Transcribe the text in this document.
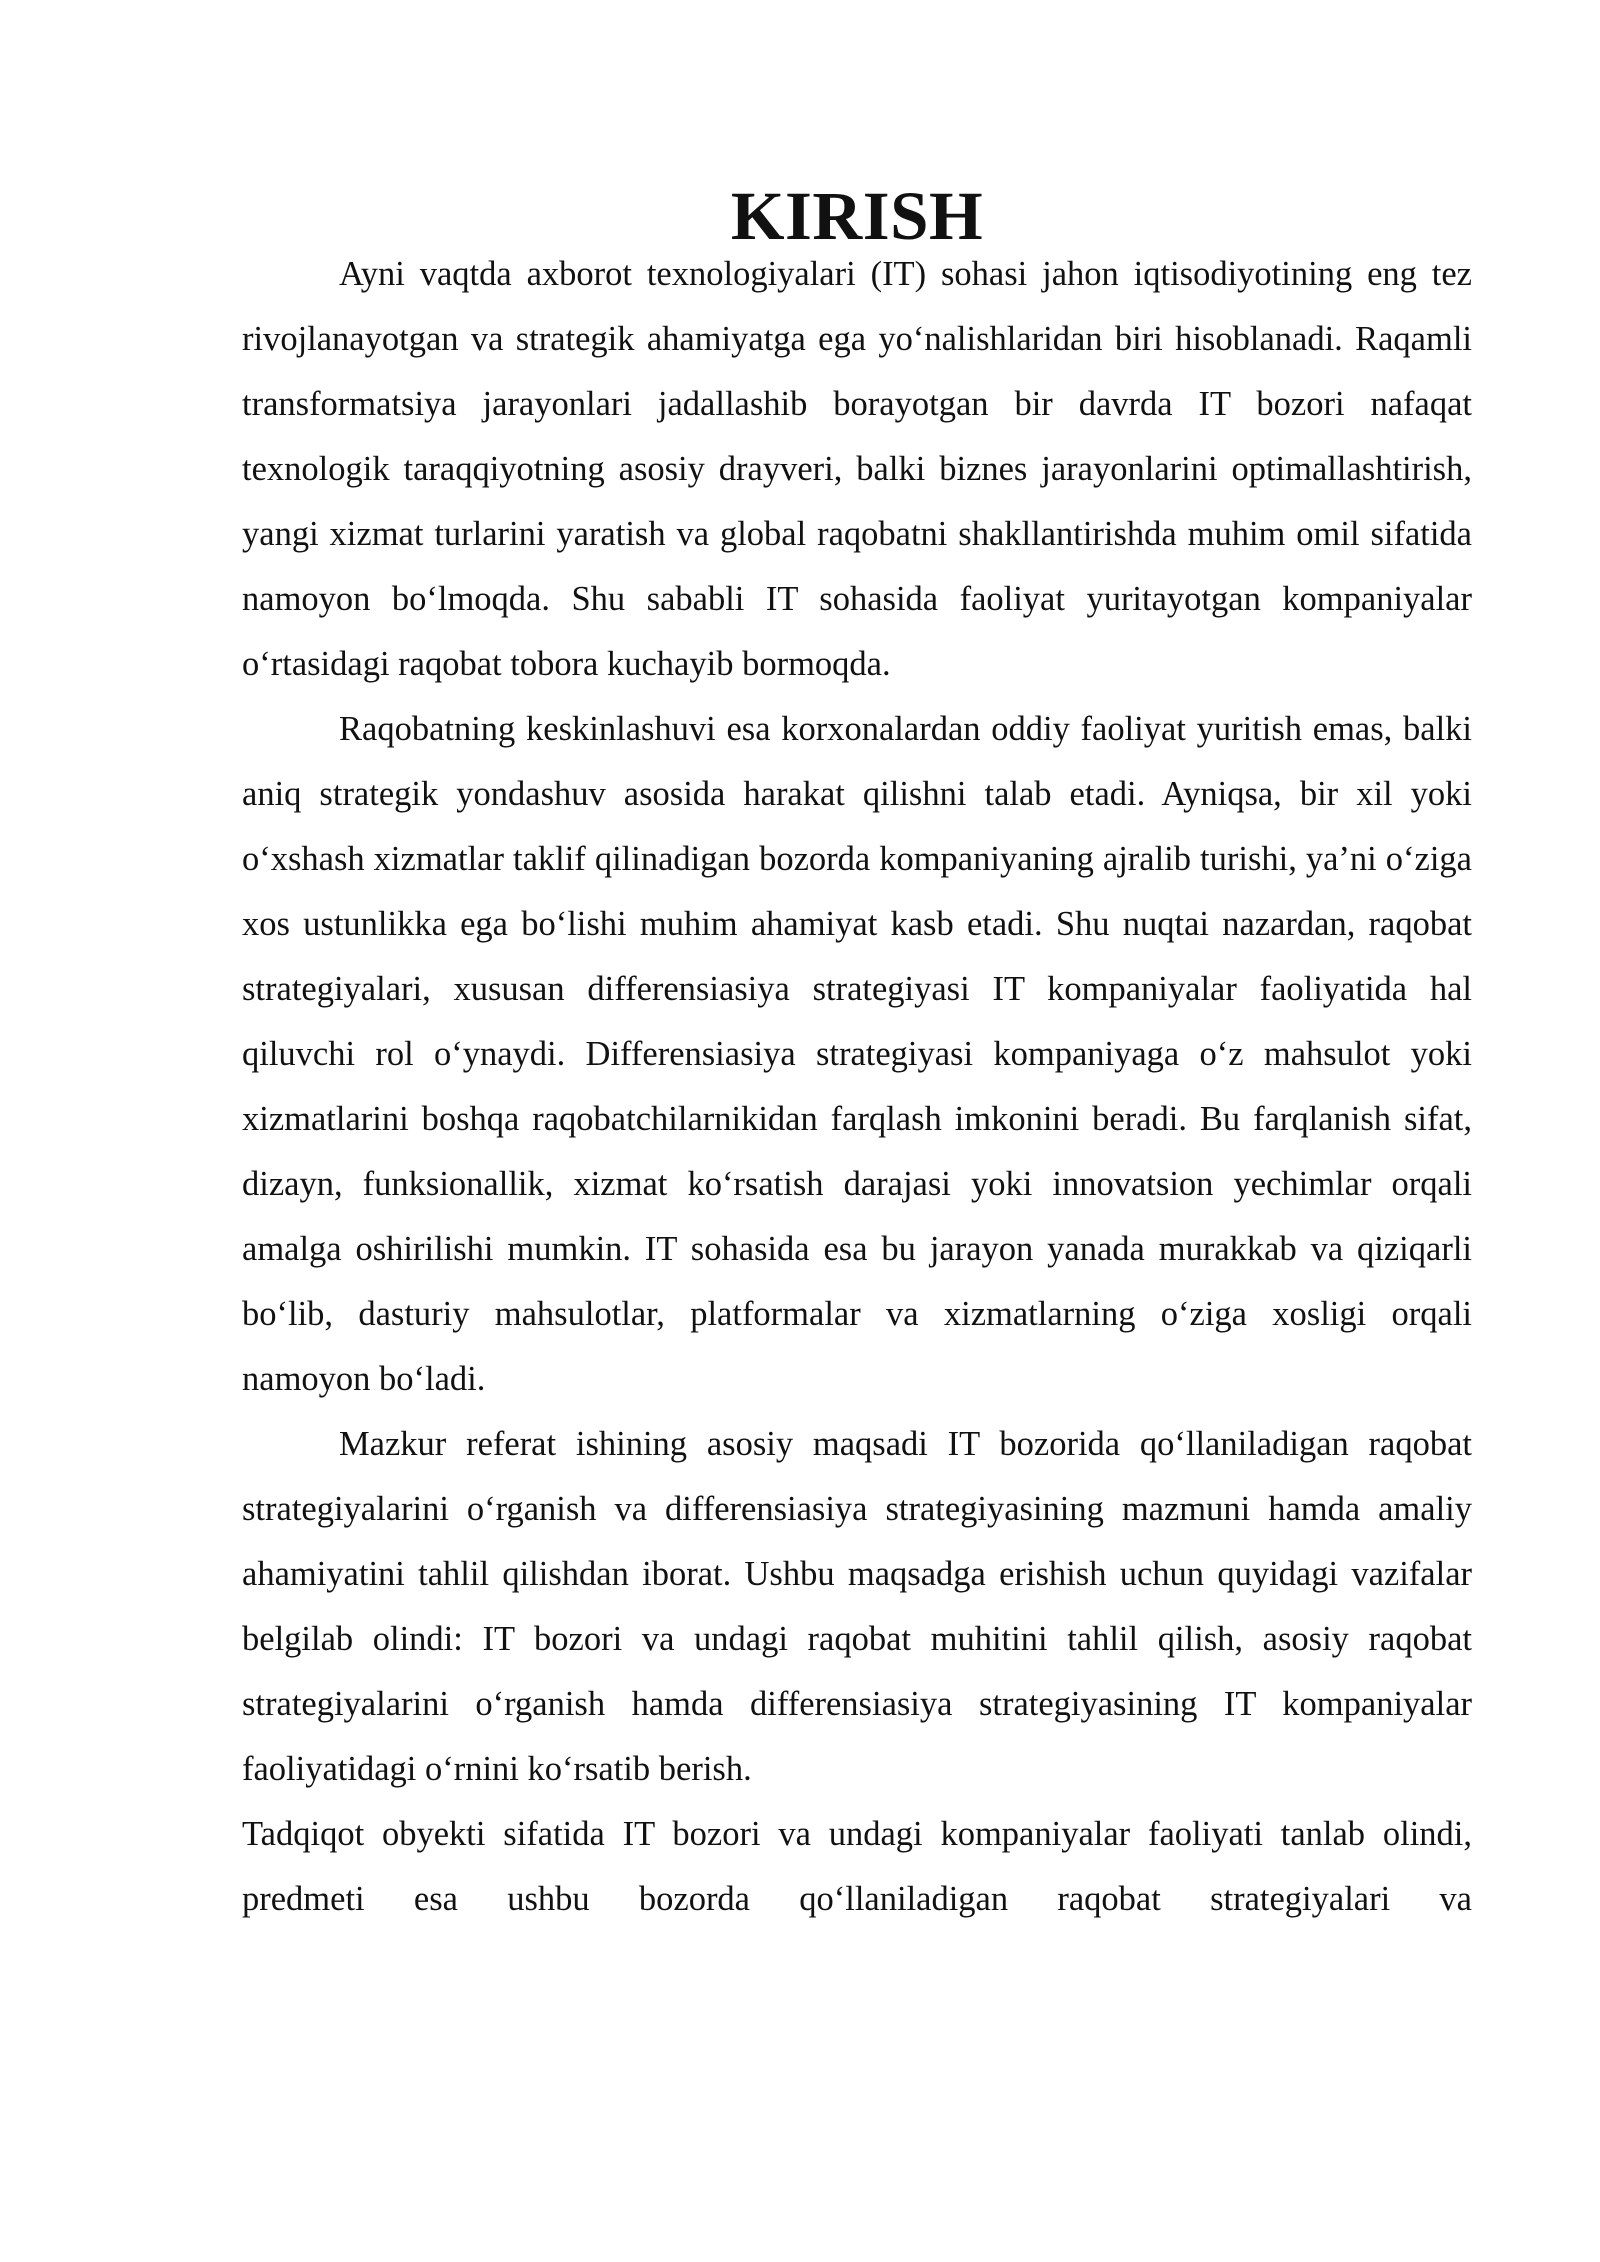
KIRISH

Ayni vaqtda axborot texnologiyalari (IT) sohasi jahon iqtisodiyotining eng tez rivojlanayotgan va strategik ahamiyatga ega yo‘nalishlaridan biri hisoblanadi. Raqamli transformatsiya jarayonlari jadallashib borayotgan bir davrda IT bozori nafaqat texnologik taraqqiyotning asosiy drayveri, balki biznes jarayonlarini optimallashtirish, yangi xizmat turlarini yaratish va global raqobatni shakllantirishda muhim omil sifatida namoyon bo‘lmoqda. Shu sababli IT sohasida faoliyat yuritayotgan kompaniyalar o‘rtasidagi raqobat tobora kuchayib bormoqda.

Raqobatning keskinlashuvi esa korxonalardan oddiy faoliyat yuritish emas, balki aniq strategik yondashuv asosida harakat qilishni talab etadi. Ayniqsa, bir xil yoki o‘xshash xizmatlar taklif qilinadigan bozorda kompaniyaning ajralib turishi, ya’ni o‘ziga xos ustunlikka ega bo‘lishi muhim ahamiyat kasb etadi. Shu nuqtai nazardan, raqobat strategiyalari, xususan differensiasiya strategiyasi IT kompaniyalar faoliyatida hal qiluvchi rol o‘ynaydi. Differensiasiya strategiyasi kompaniyaga o‘z mahsulot yoki xizmatlarini boshqa raqobatchilarnikidan farqlash imkonini beradi. Bu farqlanish sifat, dizayn, funksionallik, xizmat ko‘rsatish darajasi yoki innovatsion yechimlar orqali amalga oshirilishi mumkin. IT sohasida esa bu jarayon yanada murakkab va qiziqarli bo‘lib, dasturiy mahsulotlar, platformalar va xizmatlarning o‘ziga xosligi orqali namoyon bo‘ladi.

Mazkur referat ishining asosiy maqsadi IT bozorida qo‘llaniladigan raqobat strategiyalarini o‘rganish va differensiasiya strategiyasining mazmuni hamda amaliy ahamiyatini tahlil qilishdan iborat. Ushbu maqsadga erishish uchun quyidagi vazifalar belgilab olindi: IT bozori va undagi raqobat muhitini tahlil qilish, asosiy raqobat strategiyalarini o‘rganish hamda differensiasiya strategiyasining IT kompaniyalar faoliyatidagi o‘rnini ko‘rsatib berish.

Tadqiqot obyekti sifatida IT bozori va undagi kompaniyalar faoliyati tanlab olindi, predmeti esa ushbu bozorda qo‘llaniladigan raqobat strategiyalari va
